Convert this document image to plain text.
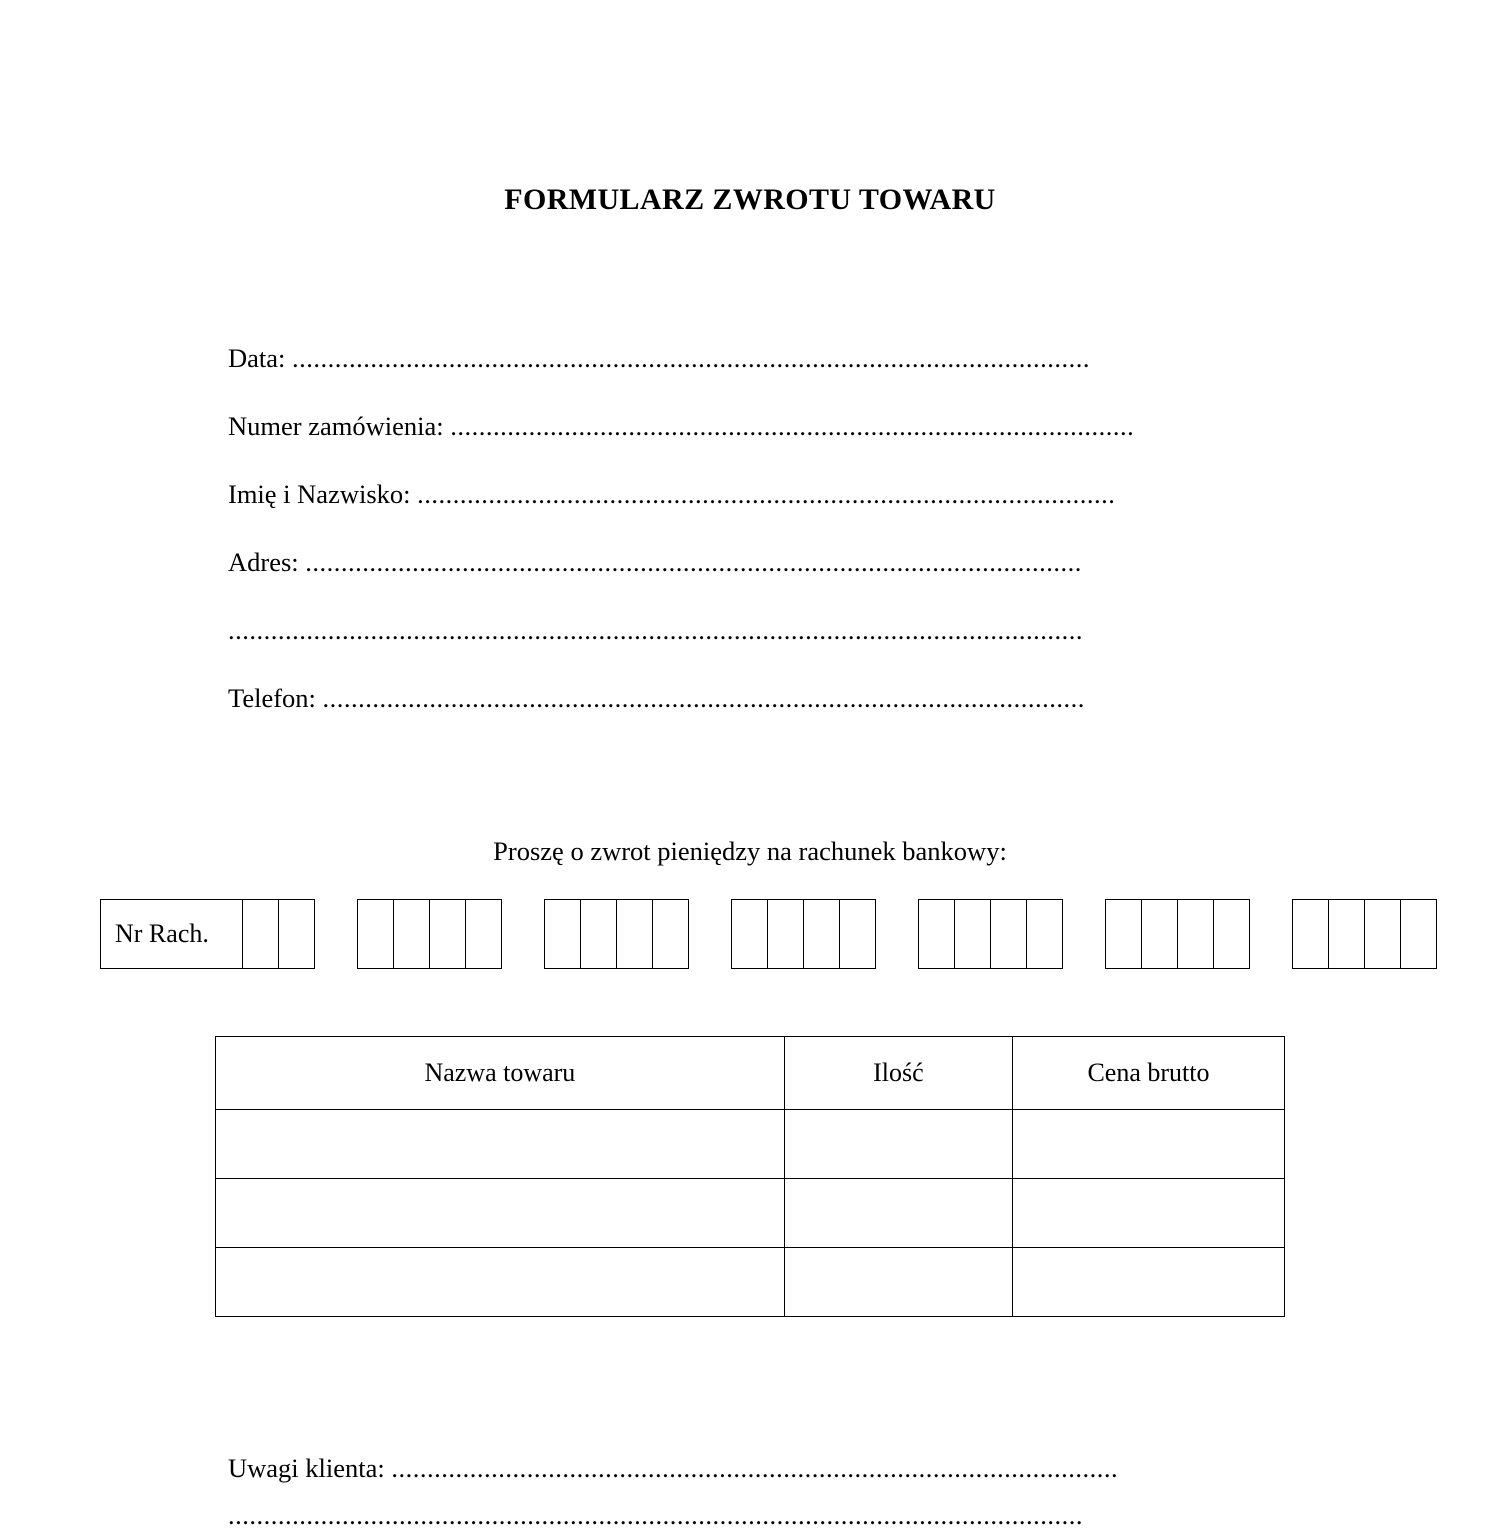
FORMULARZ ZWROTU TOWARU
Data: ................................................................................................................
Numer zamówienia: ................................................................................................
Imię i Nazwisko: ..................................................................................................
Adres: .............................................................................................................
........................................................................................................................
Telefon: ...........................................................................................................
Proszę o zwrot pieniędzy na rachunek bankowy:
Nr Rach.
Nazwa towaru	Ilość	Cena brutto

Uwagi klienta: ......................................................................................................
........................................................................................................................
